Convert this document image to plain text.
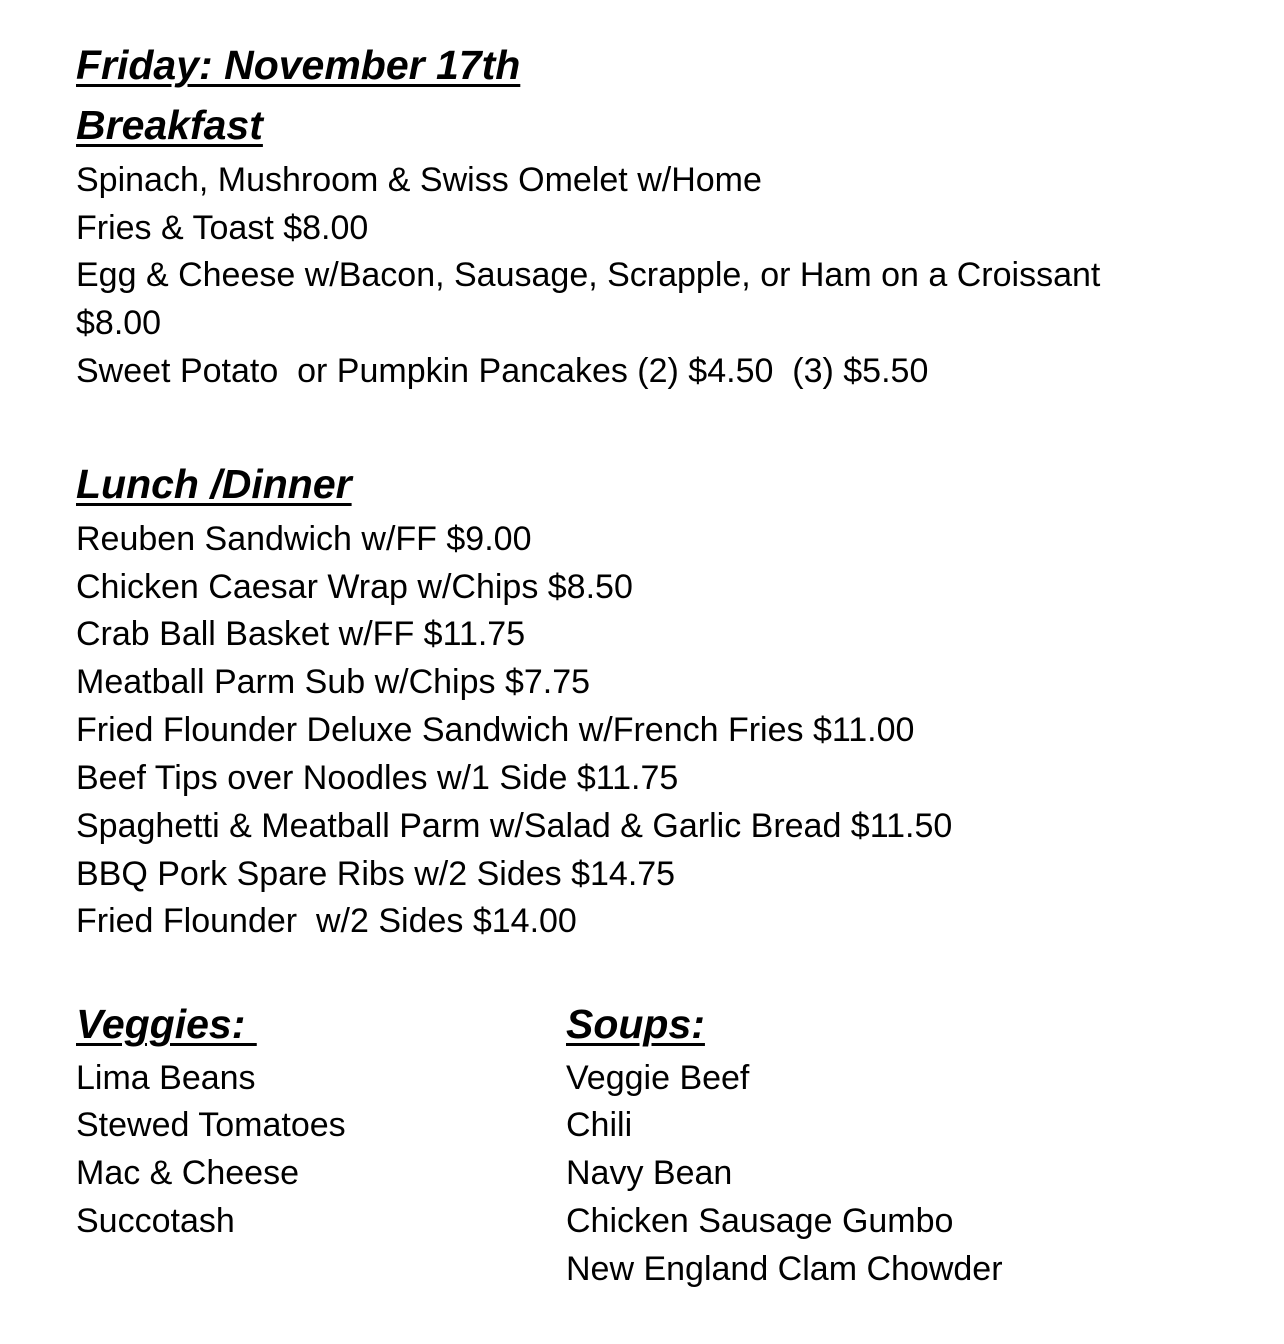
Friday: November 17th
Breakfast

Spinach, Mushroom & Swiss Omelet w/Home

Fries & Toast $8.00

Egg & Cheese w/Bacon, Sausage, Scrapple, or Ham on a Croissant

$8.00

Sweet Potato  or Pumpkin Pancakes (2) $4.50  (3) $5.50

Lunch /Dinner

Reuben Sandwich w/FF $9.00

Chicken Caesar Wrap w/Chips $8.50

Crab Ball Basket w/FF $11.75

Meatball Parm Sub w/Chips $7.75

Fried Flounder Deluxe Sandwich w/French Fries $11.00

Beef Tips over Noodles w/1 Side $11.75

Spaghetti & Meatball Parm w/Salad & Garlic Bread $11.50

BBQ Pork Spare Ribs w/2 Sides $14.75

Fried Flounder  w/2 Sides $14.00

Veggies:

Lima Beans

Stewed Tomatoes

Mac & Cheese

Succotash

Soups:

Veggie Beef

Chili

Navy Bean

Chicken Sausage Gumbo

New England Clam Chowder
